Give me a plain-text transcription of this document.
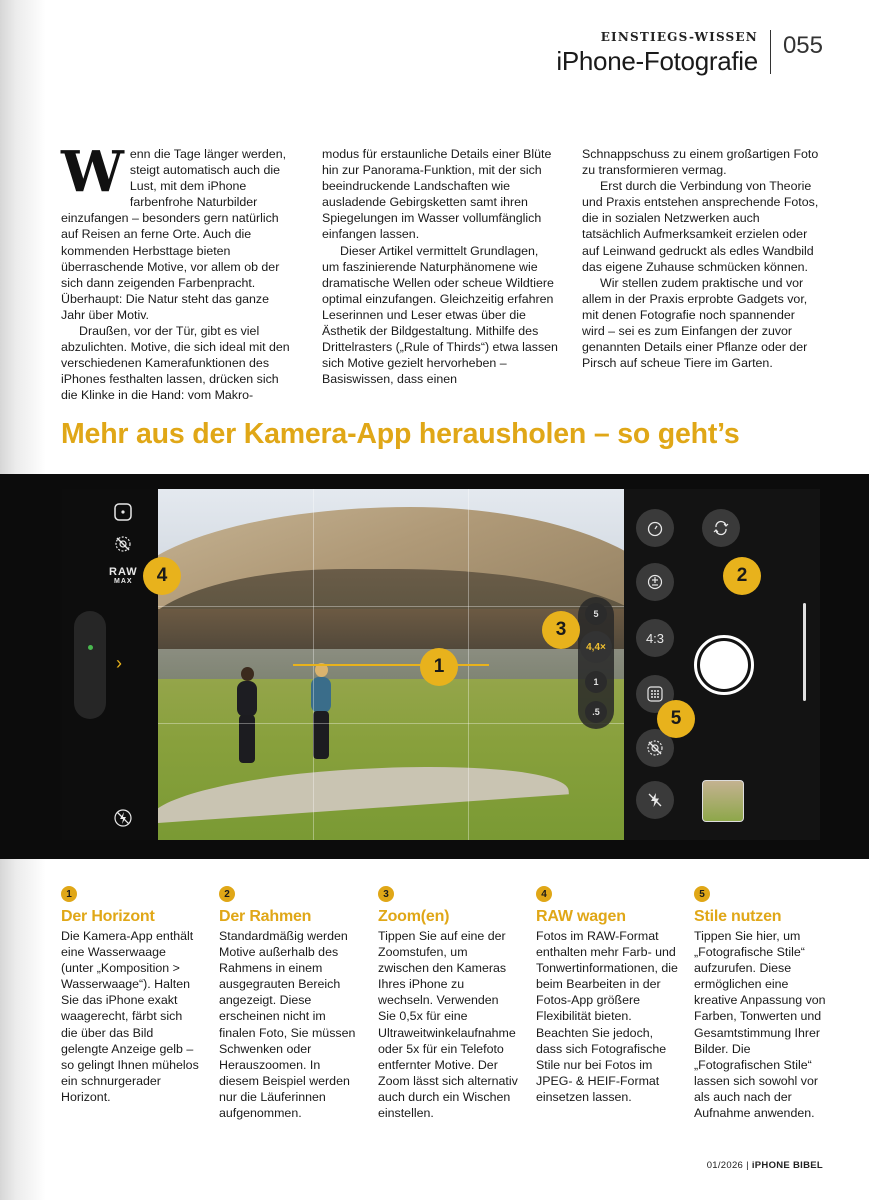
EINSTIEGS-WISSEN
iPhone-Fotografie
055

Wenn die Tage länger werden, steigt automatisch auch die Lust, mit dem iPhone farbenfrohe Naturbilder einzufangen – besonders gern natürlich auf Reisen an ferne Orte. Auch die kommenden Herbsttage bieten überraschende Motive, vor allem ob der sich dann zeigenden Farbenpracht. Überhaupt: Die Natur steht das ganze Jahr über Motiv.

Draußen, vor der Tür, gibt es viel abzulichten. Motive, die sich ideal mit den verschiedenen Kamerafunktionen des iPhones festhalten lassen, drücken sich die Klinke in die Hand: vom Makro-

modus für erstaunliche Details einer Blüte hin zur Panorama-Funktion, mit der sich beeindruckende Landschaften wie ausladende Gebirgsketten samt ihren Spiegelungen im Wasser vollumfänglich einfangen lassen.

Dieser Artikel vermittelt Grundlagen, um faszinierende Naturphänomene wie dramatische Wellen oder scheue Wildtiere optimal einzufangen. Gleichzeitig erfahren Leserinnen und Leser etwas über die Ästhetik der Bildgestaltung. Mithilfe des Drittelrasters („Rule of Thirds“) etwa lassen sich Motive gezielt hervorheben – Basiswissen, dass einen

Schnappschuss zu einem großartigen Foto zu transformieren vermag.

Erst durch die Verbindung von Theorie und Praxis entstehen ansprechende Fotos, die in sozialen Netzwerken auch tatsächlich Aufmerksamkeit erzielen oder auf Leinwand gedruckt als edles Wandbild das eigene Zuhause schmücken können.

Wir stellen zudem praktische und vor allem in der Praxis erprobte Gadgets vor, mit denen Fotografie noch spannender wird – sei es zum Einfangen der zuvor genannten Details einer Pflanze oder der Pirsch auf scheue Tiere im Garten.

Mehr aus der Kamera-App herausholen – so geht’s
RAW
MAX
›
5
4,4×
1
.5
4:3
1
2
3
4
5
1
Der Horizont

Die Kamera-App enthält eine Wasserwaage (unter „Komposition > Wasserwaage“). Halten Sie das iPhone exakt waagerecht, färbt sich die über das Bild gelengte Anzeige gelb – so gelingt Ihnen mühelos ein schnurgerader Horizont.

2
Der Rahmen

Standardmäßig werden Motive außerhalb des Rahmens in einem ausgegrauten Bereich angezeigt. Diese erscheinen nicht im finalen Foto, Sie müssen Schwenken oder Herauszoomen. In diesem Beispiel werden nur die Läuferinnen aufgenommen.

3
Zoom(en)

Tippen Sie auf eine der Zoomstufen, um zwischen den Kameras Ihres iPhone zu wechseln. Verwenden Sie 0,5x für eine Ultraweitwinkelaufnahme oder 5x für ein Telefoto entfernter Motive. Der Zoom lässt sich alternativ auch durch ein Wischen einstellen.

4
RAW wagen

Fotos im RAW-Format enthalten mehr Farb- und Tonwertinformationen, die beim Bearbeiten in der Fotos-App größere Flexibilität bieten. Beachten Sie jedoch, dass sich Fotografische Stile nur bei Fotos im JPEG- & HEIF-Format einsetzen lassen.

5
Stile nutzen

Tippen Sie hier, um „Fotografische Stile“ aufzurufen. Diese ermöglichen eine kreative Anpassung von Farben, Tonwerten und Gesamtstimmung Ihrer Bilder. Die „Fotografischen Stile“ lassen sich sowohl vor als auch nach der Aufnahme anwenden.

01/2026 | iPHONE BIBEL
